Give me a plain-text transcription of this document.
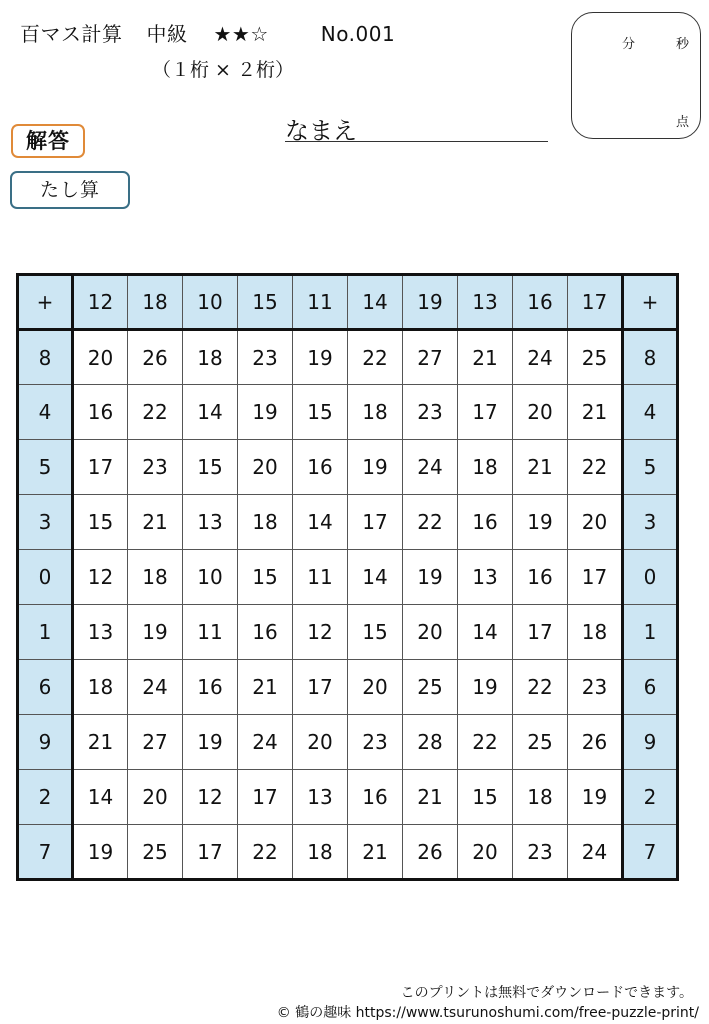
百マス計算 中級 ★★☆	No.001
（１桁 × ２桁）
分	秒
点
解答
たし算
なまえ
+	12	18	10	15	11	14	19	13	16	17	+
8	20	26	18	23	19	22	27	21	24	25	8
4	16	22	14	19	15	18	23	17	20	21	4
5	17	23	15	20	16	19	24	18	21	22	5
3	15	21	13	18	14	17	22	16	19	20	3
0	12	18	10	15	11	14	19	13	16	17	0
1	13	19	11	16	12	15	20	14	17	18	1
6	18	24	16	21	17	20	25	19	22	23	6
9	21	27	19	24	20	23	28	22	25	26	9
2	14	20	12	17	13	16	21	15	18	19	2
7	19	25	17	22	18	21	26	20	23	24	7
このプリントは無料でダウンロードできます。
© 鶴の趣味 https://www.tsurunoshumi.com/free-puzzle-print/
